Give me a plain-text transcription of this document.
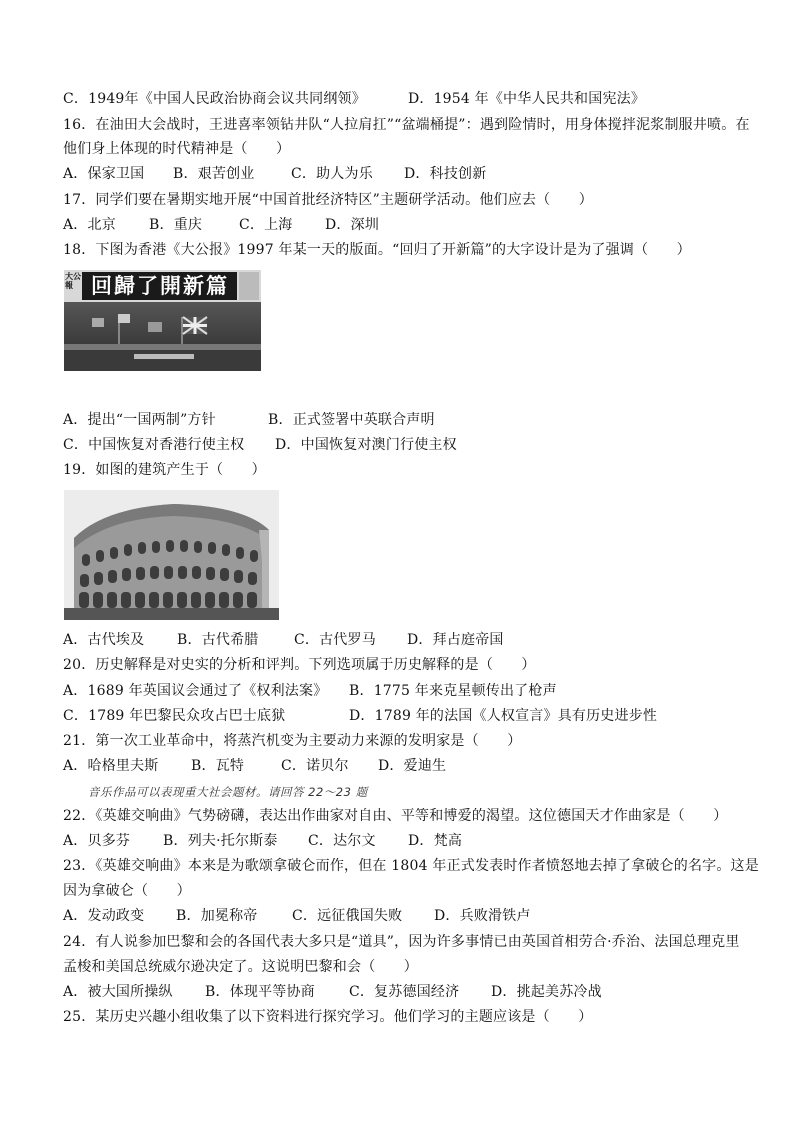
C．1949年《中国人民政治协商会议共同纲领》	D．1954 年《中华人民共和国宪法》
16．在油田大会战时，王进喜率领钻井队“人拉肩扛”“盆端桶提”：遇到险情时，用身体搅拌泥浆制服井喷。在
他们身上体现的时代精神是（　　）
A．保家卫国 B．艰苦创业	C．助人为乐 D．科技创新
17．同学们要在暑期实地开展“中国首批经济特区”主题研学活动。他们应去（　　）
A．北京 B．重庆	C．上海 D．深圳
18．下图为香港《大公报》1997 年某一天的版面。“回归了开新篇”的大字设计是为了强调（　　）
大公報 回歸了開新篇
A．提出“一国两制”方针	B．正式签署中英联合声明
C．中国恢复对香港行使主权 D．中国恢复对澳门行使主权
19．如图的建筑产生于（　　）
A．古代埃及 B．古代希腊	C．古代罗马 D．拜占庭帝国
20．历史解释是对史实的分析和评判。下列选项属于历史解释的是（　　）
A．1689 年英国议会通过了《权利法案》 B．1775 年来克星顿传出了枪声
C．1789 年巴黎民众攻占巴士底狱	D．1789 年的法国《人权宣言》具有历史进步性
21．第一次工业革命中，将蒸汽机变为主要动力来源的发明家是（　　）
A．哈格里夫斯 B．瓦特	C．诺贝尔 D．爱迪生
音乐作品可以表现重大社会题材。请回答 22～23 题
22．《英雄交响曲》气势磅礴，表达出作曲家对自由、平等和博爱的渴望。这位德国天才作曲家是（　　）
A．贝多芬 B．列夫·托尔斯泰 C．达尔文 D．梵高
23．《英雄交响曲》本来是为歌颂拿破仑而作，但在 1804 年正式发表时作者愤怒地去掉了拿破仑的名字。这是
因为拿破仑（　　）
A．发动政变 B．加冕称帝 C．远征俄国失败 D．兵败滑铁卢
24．有人说参加巴黎和会的各国代表大多只是“道具”，因为许多事情已由英国首相劳合·乔治、法国总理克里
孟梭和美国总统威尔逊决定了。这说明巴黎和会（　　）
A．被大国所操纵 B．体现平等协商 C．复苏德国经济 D．挑起美苏冷战
25．某历史兴趣小组收集了以下资料进行探究学习。他们学习的主题应该是（　　）
